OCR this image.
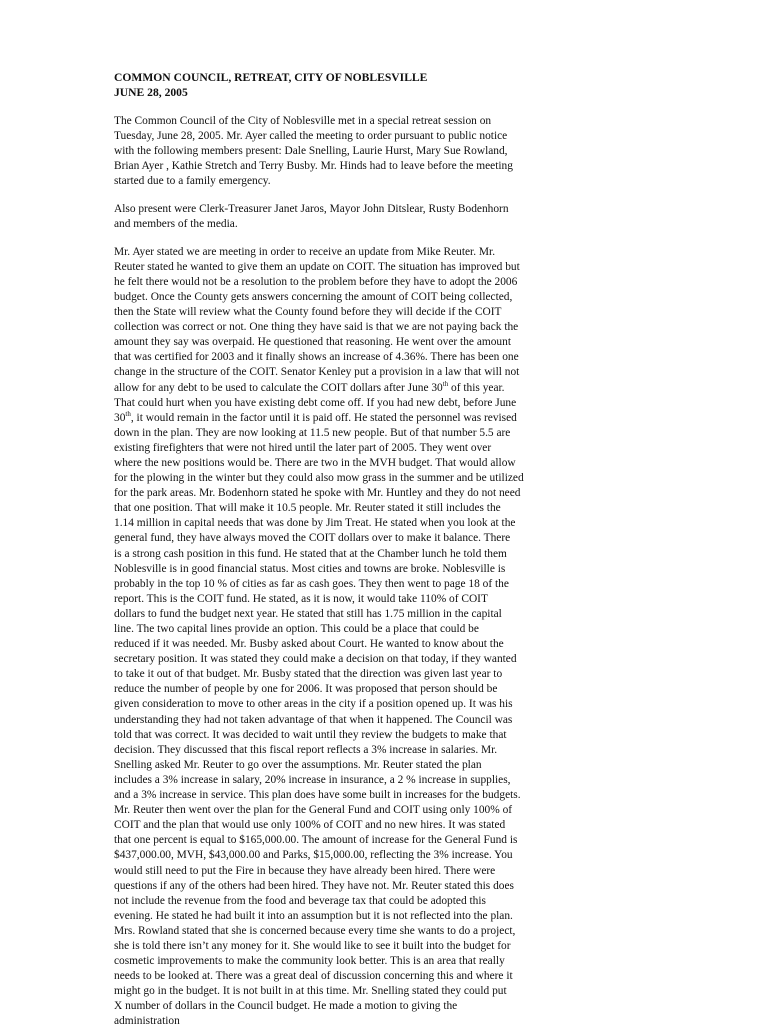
COMMON COUNCIL, RETREAT, CITY OF NOBLESVILLE
JUNE 28, 2005

The Common Council of the City of Noblesville met in a special retreat session on
Tuesday, June 28, 2005. Mr. Ayer called the meeting to order pursuant to public notice
with the following members present: Dale Snelling, Laurie Hurst, Mary Sue Rowland,
Brian Ayer , Kathie Stretch and Terry Busby. Mr. Hinds had to leave before the meeting
started due to a family emergency.

Also present were Clerk-Treasurer Janet Jaros, Mayor John Ditslear, Rusty Bodenhorn
and members of the media.

Mr. Ayer stated we are meeting in order to receive an update from Mike Reuter. Mr.
Reuter stated he wanted to give them an update on COIT. The situation has improved but
he felt there would not be a resolution to the problem before they have to adopt the 2006
budget. Once the County gets answers concerning the amount of COIT being collected,
then the State will review what the County found before they will decide if the COIT
collection was correct or not. One thing they have said is that we are not paying back the
amount they say was overpaid. He questioned that reasoning. He went over the amount
that was certified for 2003 and it finally shows an increase of 4.36%. There has been one
change in the structure of the COIT. Senator Kenley put a provision in a law that will not
allow for any debt to be used to calculate the COIT dollars after June 30th of this year.
That could hurt when you have existing debt come off. If you had new debt, before June
30th, it would remain in the factor until it is paid off. He stated the personnel was revised
down in the plan. They are now looking at 11.5 new people. But of that number 5.5 are
existing firefighters that were not hired until the later part of 2005. They went over
where the new positions would be. There are two in the MVH budget. That would allow
for the plowing in the winter but they could also mow grass in the summer and be utilized
for the park areas. Mr. Bodenhorn stated he spoke with Mr. Huntley and they do not need
that one position. That will make it 10.5 people. Mr. Reuter stated it still includes the
1.14 million in capital needs that was done by Jim Treat. He stated when you look at the
general fund, they have always moved the COIT dollars over to make it balance. There
is a strong cash position in this fund. He stated that at the Chamber lunch he told them
Noblesville is in good financial status. Most cities and towns are broke. Noblesville is
probably in the top 10 % of cities as far as cash goes. They then went to page 18 of the
report. This is the COIT fund. He stated, as it is now, it would take 110% of COIT
dollars to fund the budget next year. He stated that still has 1.75 million in the capital
line. The two capital lines provide an option. This could be a place that could be
reduced if it was needed. Mr. Busby asked about Court. He wanted to know about the
secretary position. It was stated they could make a decision on that today, if they wanted
to take it out of that budget. Mr. Busby stated that the direction was given last year to
reduce the number of people by one for 2006. It was proposed that person should be
given consideration to move to other areas in the city if a position opened up. It was his
understanding they had not taken advantage of that when it happened. The Council was
told that was correct. It was decided to wait until they review the budgets to make that
decision. They discussed that this fiscal report reflects a 3% increase in salaries. Mr.
Snelling asked Mr. Reuter to go over the assumptions. Mr. Reuter stated the plan
includes a 3% increase in salary, 20% increase in insurance, a 2 % increase in supplies,
and a 3% increase in service. This plan does have some built in increases for the budgets.
Mr. Reuter then went over the plan for the General Fund and COIT using only 100% of
COIT and the plan that would use only 100% of COIT and no new hires. It was stated
that one percent is equal to $165,000.00. The amount of increase for the General Fund is
$437,000.00, MVH, $43,000.00 and Parks, $15,000.00, reflecting the 3% increase. You
would still need to put the Fire in because they have already been hired. There were
questions if any of the others had been hired. They have not. Mr. Reuter stated this does
not include the revenue from the food and beverage tax that could be adopted this
evening. He stated he had built it into an assumption but it is not reflected into the plan.
Mrs. Rowland stated that she is concerned because every time she wants to do a project,
she is told there isn’t any money for it. She would like to see it built into the budget for
cosmetic improvements to make the community look better. This is an area that really
needs to be looked at. There was a great deal of discussion concerning this and where it
might go in the budget. It is not built in at this time. Mr. Snelling stated they could put
X number of dollars in the Council budget. He made a motion to giving the
administration
